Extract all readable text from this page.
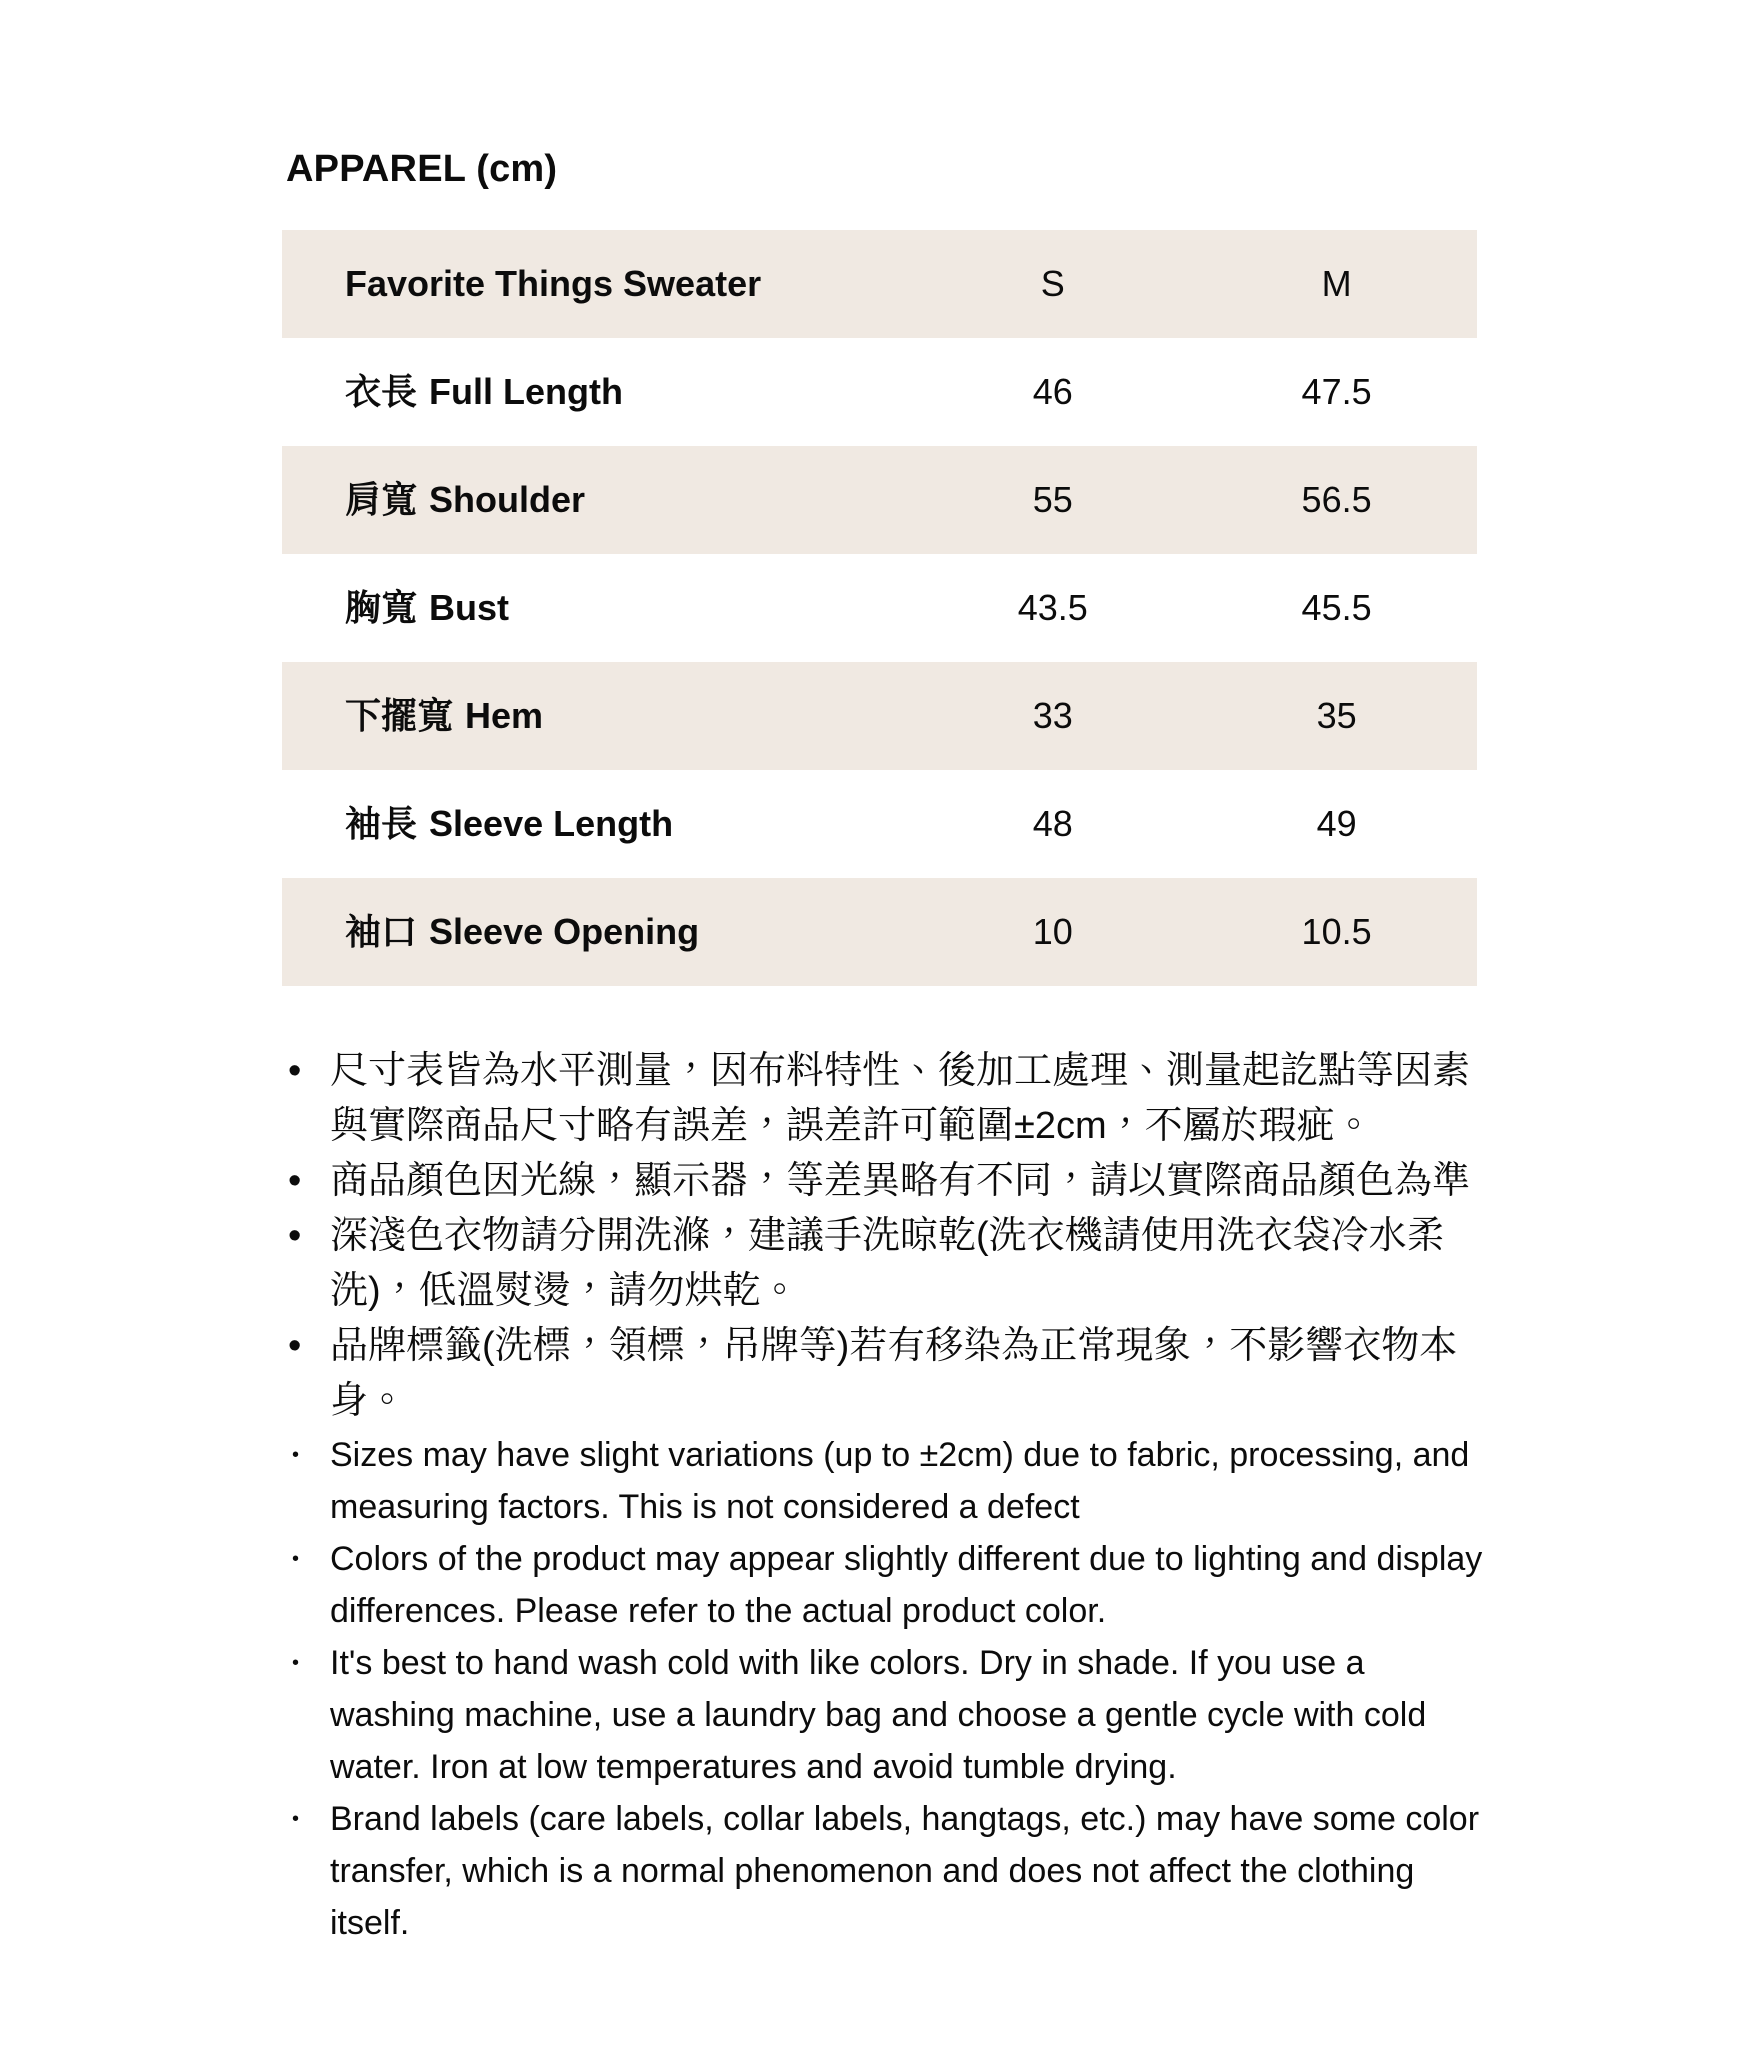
APPAREL (cm)
Favorite Things Sweater	S	M
衣長 Full Length	46	47.5
肩寬 Shoulder	55	56.5
胸寬 Bust	43.5	45.5
下擺寬 Hem	33	35
袖長 Sleeve Length	48	49
袖口 Sleeve Opening	10	10.5
•
尺寸表皆為水平測量，因布料特性、後加工處理、測量起訖點等因素與實際商品尺寸略有誤差，誤差許可範圍±2cm，不屬於瑕疵。
•
商品顏色因光線，顯示器，等差異略有不同，請以實際商品顏色為準
•
深淺色衣物請分開洗滌，建議手洗晾乾(洗衣機請使用洗衣袋冷水柔洗)，低溫熨燙，請勿烘乾。
•
品牌標籤(洗標，領標，吊牌等)若有移染為正常現象，不影響衣物本身。
•
Sizes may have slight variations (up to ±2cm) due to fabric, processing, and measuring factors. This is not considered a defect
•
Colors of the product may appear slightly different due to lighting and display differences. Please refer to the actual product color.
•
It's best to hand wash cold with like colors. Dry in shade. If you use a washing machine, use a laundry bag and choose a gentle cycle with cold water. Iron at low temperatures and avoid tumble drying.
•
Brand labels (care labels, collar labels, hangtags, etc.) may have some color transfer, which is a normal phenomenon and does not affect the clothing itself.
